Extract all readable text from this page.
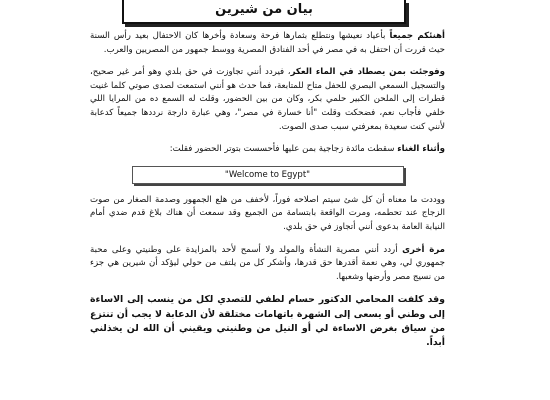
بيان من شيرين

أهنئكم جميعاً بأعياد نعيشها ونتطلع بثمارها فرحة وسعادة وأخرها كان الاحتفال بعيد رأس السنة حيث قررت أن احتفل به في مصر في أحد الفنادق المصرية ووسط جمهور من المصريين والعرب.

وفوجئت بمن يصطاد في الماء العكر، فيردد أنني تجاوزت في حق بلدي وهو أمر غير صحيح، والتسجيل السمعي البصري للحفل متاح للمتابعة، فما حدث هو أنني استمعت لصدى صوتي كلما غنيت قطرات إلى الملحن الكبير حلمي بكر، وكان من بين الحضور، وقلت له السمع ده من المرايا اللي خلفي فأجاب نعم، فضحكت وقلت "أنا خسارة في مصر"، وهي عبارة دارجة نرددها جميعاً كدعابة لأنني كنت سعيدة بمعرفتي سبب صدى الصوت.

وأثناء الغناء سقطت مائدة زجاجية بمن عليها فأحسست بتوتر الحضور فقلت:

"Welcome to Egypt"

ووددت ما معناه أن كل شئ سيتم اصلاحه فوراً، لأخفف من هلع الجمهور وصدمة الصغار من صوت الزجاج عند تحطمه، ومرت الواقعة بابتسامة من الجميع وقد سمعت أن هناك بلاغ قدم ضدي أمام النيابة العامة بدعوى أنني أتجاوز في حق بلدي.

مرة أخرى أردد أنني مصرية النشأة والمولد ولا أسمح لأحد بالمزايدة على وطنيتي وعلى محبة جمهوري لي، وهي نعمة أقدرها حق قدرها، وأشكر كل من يلتف من حولي ليؤكد أن شيرين هي جزء من نسيج مصر وأرضها وشعبها.

وقد كلفت المحامي الدكتور حسام لطفي للتصدي لكل من ينسب إلى الاساءة إلى وطني أو يسعى إلى الشهرة باتهامات مختلقة لأن الدعابة لا يجب أن تنتزع من سياق بغرض الاساءة لي أو النيل من وطنيتي ويقيني أن الله لن يخذلني أبداً.
